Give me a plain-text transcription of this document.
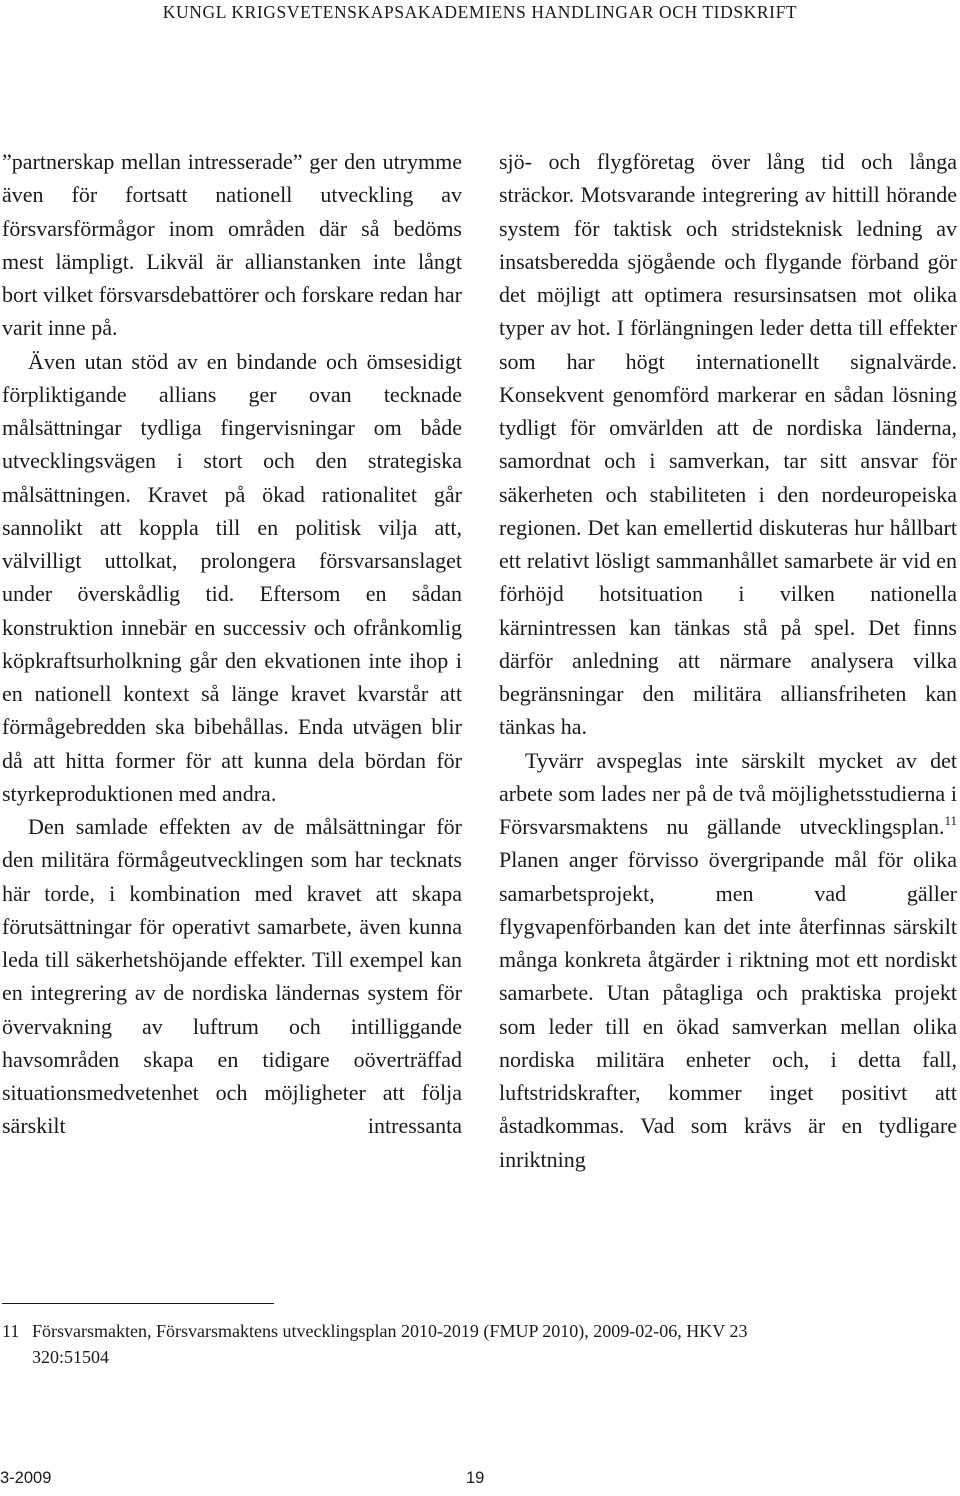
KUNGL KRIGSVETENSKAPSAKADEMIENS HANDLINGAR OCH TIDSKRIFT

”partnerskap mellan intresserade” ger den utrymme även för fortsatt nationell utveckling av försvarsförmågor inom områden där så bedöms mest lämpligt. Likväl är allianstanken inte långt bort vilket försvarsdebattörer och forskare redan har varit inne på.

Även utan stöd av en bindande och ömsesidigt förpliktigande allians ger ovan tecknade målsättningar tydliga fingervisningar om både utvecklingsvägen i stort och den strategiska målsättningen. Kravet på ökad rationalitet går sannolikt att koppla till en politisk vilja att, välvilligt uttolkat, prolongera försvarsanslaget under överskådlig tid. Eftersom en sådan konstruktion innebär en successiv och ofrånkomlig köpkraftsurholkning går den ekvationen inte ihop i en nationell kontext så länge kravet kvarstår att förmågebredden ska bibehållas. Enda utvägen blir då att hitta former för att kunna dela bördan för styrkeproduktionen med andra.

Den samlade effekten av de målsättningar för den militära förmågeutvecklingen som har tecknats här torde, i kombination med kravet att skapa förutsättningar för operativt samarbete, även kunna leda till säkerhetshöjande effekter. Till exempel kan en integrering av de nordiska ländernas system för övervakning av luftrum och intilliggande havsområden skapa en tidigare oöverträffad situationsmedvetenhet och möjligheter att följa särskilt intressanta

sjö- och flygföretag över lång tid och långa sträckor. Motsvarande integrering av hittill hörande system för taktisk och stridsteknisk ledning av insatsberedda sjögående och flygande förband gör det möjligt att optimera resursinsatsen mot olika typer av hot. I förlängningen leder detta till effekter som har högt internationellt signalvärde. Konsekvent genomförd markerar en sådan lösning tydligt för omvärlden att de nordiska länderna, samordnat och i samverkan, tar sitt ansvar för säkerheten och stabiliteten i den nordeuropeiska regionen. Det kan emellertid diskuteras hur hållbart ett relativt lösligt sammanhållet samarbete är vid en förhöjd hotsituation i vilken nationella kärnintressen kan tänkas stå på spel. Det finns därför anledning att närmare analysera vilka begränsningar den militära alliansfriheten kan tänkas ha.

Tyvärr avspeglas inte särskilt mycket av det arbete som lades ner på de två möjlighetsstudierna i Försvarsmaktens nu gällande utvecklingsplan.$^{11}$ Planen anger förvisso övergripande mål för olika samarbetsprojekt, men vad gäller flygvapenförbanden kan det inte återfinnas särskilt många konkreta åtgärder i riktning mot ett nordiskt samarbete. Utan påtagliga och praktiska projekt som leder till en ökad samverkan mellan olika nordiska militära enheter och, i detta fall, luftstridskrafter, kommer inget positivt att åstadkommas. Vad som krävs är en tydligare inriktning

11 Försvarsmakten, Försvarsmaktens utvecklingsplan 2010-2019 (FMUP 2010), 2009-02-06, HKV 23
320:51504
3-2009	19
